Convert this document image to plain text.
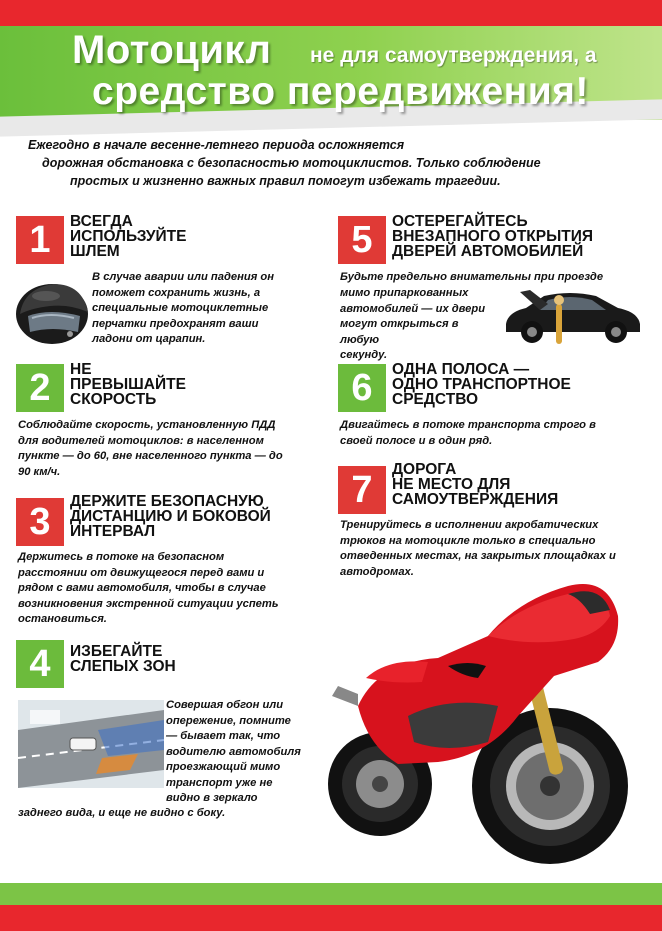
Мотоцикл не для самоутверждения, а
средство передвижения!
Ежегодно в начале весенне-летнего периода осложняется
дорожная обстановка с безопасностью мотоциклистов. Только соблюдение
простых и жизненно важных правил помогут избежать трагедии.
1	ВСЕГДА
ИСПОЛЬЗУЙТЕ
ШЛЕМ
В случае аварии или падения он
поможет сохранить жизнь, а
специальные мотоциклетные
перчатки предохранят ваши
ладони от царапин.
2	НЕ
ПРЕВЫШАЙТЕ
СКОРОСТЬ
Соблюдайте скорость, установленную ПДД
для водителей мотоциклов: в населенном
пункте — до 60, вне населенного пункта — до
90 км/ч.
3	ДЕРЖИТЕ БЕЗОПАСНУЮ
ДИСТАНЦИЮ И БОКОВОЙ
ИНТЕРВАЛ
Держитесь в потоке на безопасном
расстоянии от движущегося перед вами и
рядом с вами автомобиля, чтобы в случае
возникновения экстренной ситуации успеть
остановиться.
4	ИЗБЕГАЙТЕ
СЛЕПЫХ ЗОН
Совершая обгон или
опережение, помните
— бывает так, что
водителю автомобиля
проезжающий мимо
транспорт уже не
видно в зеркало
заднего вида, и еще не видно с боку.
5	ОСТЕРЕГАЙТЕСЬ
ВНЕЗАПНОГО ОТКРЫТИЯ
ДВЕРЕЙ АВТОМОБИЛЕЙ
Будьте предельно внимательны при проезде
мимо припаркованных
автомобилей — их двери
могут открыться в любую
секунду.
6	ОДНА ПОЛОСА —
ОДНО ТРАНСПОРТНОЕ
СРЕДСТВО
Двигайтесь в потоке транспорта строго в
своей полосе и в один ряд.
7	ДОРОГА
НЕ МЕСТО ДЛЯ
САМОУТВЕРЖДЕНИЯ
Тренируйтесь в исполнении акробатических
трюков на мотоцикле только в специально
отведенных местах, на закрытых площадках и
автодромах.
